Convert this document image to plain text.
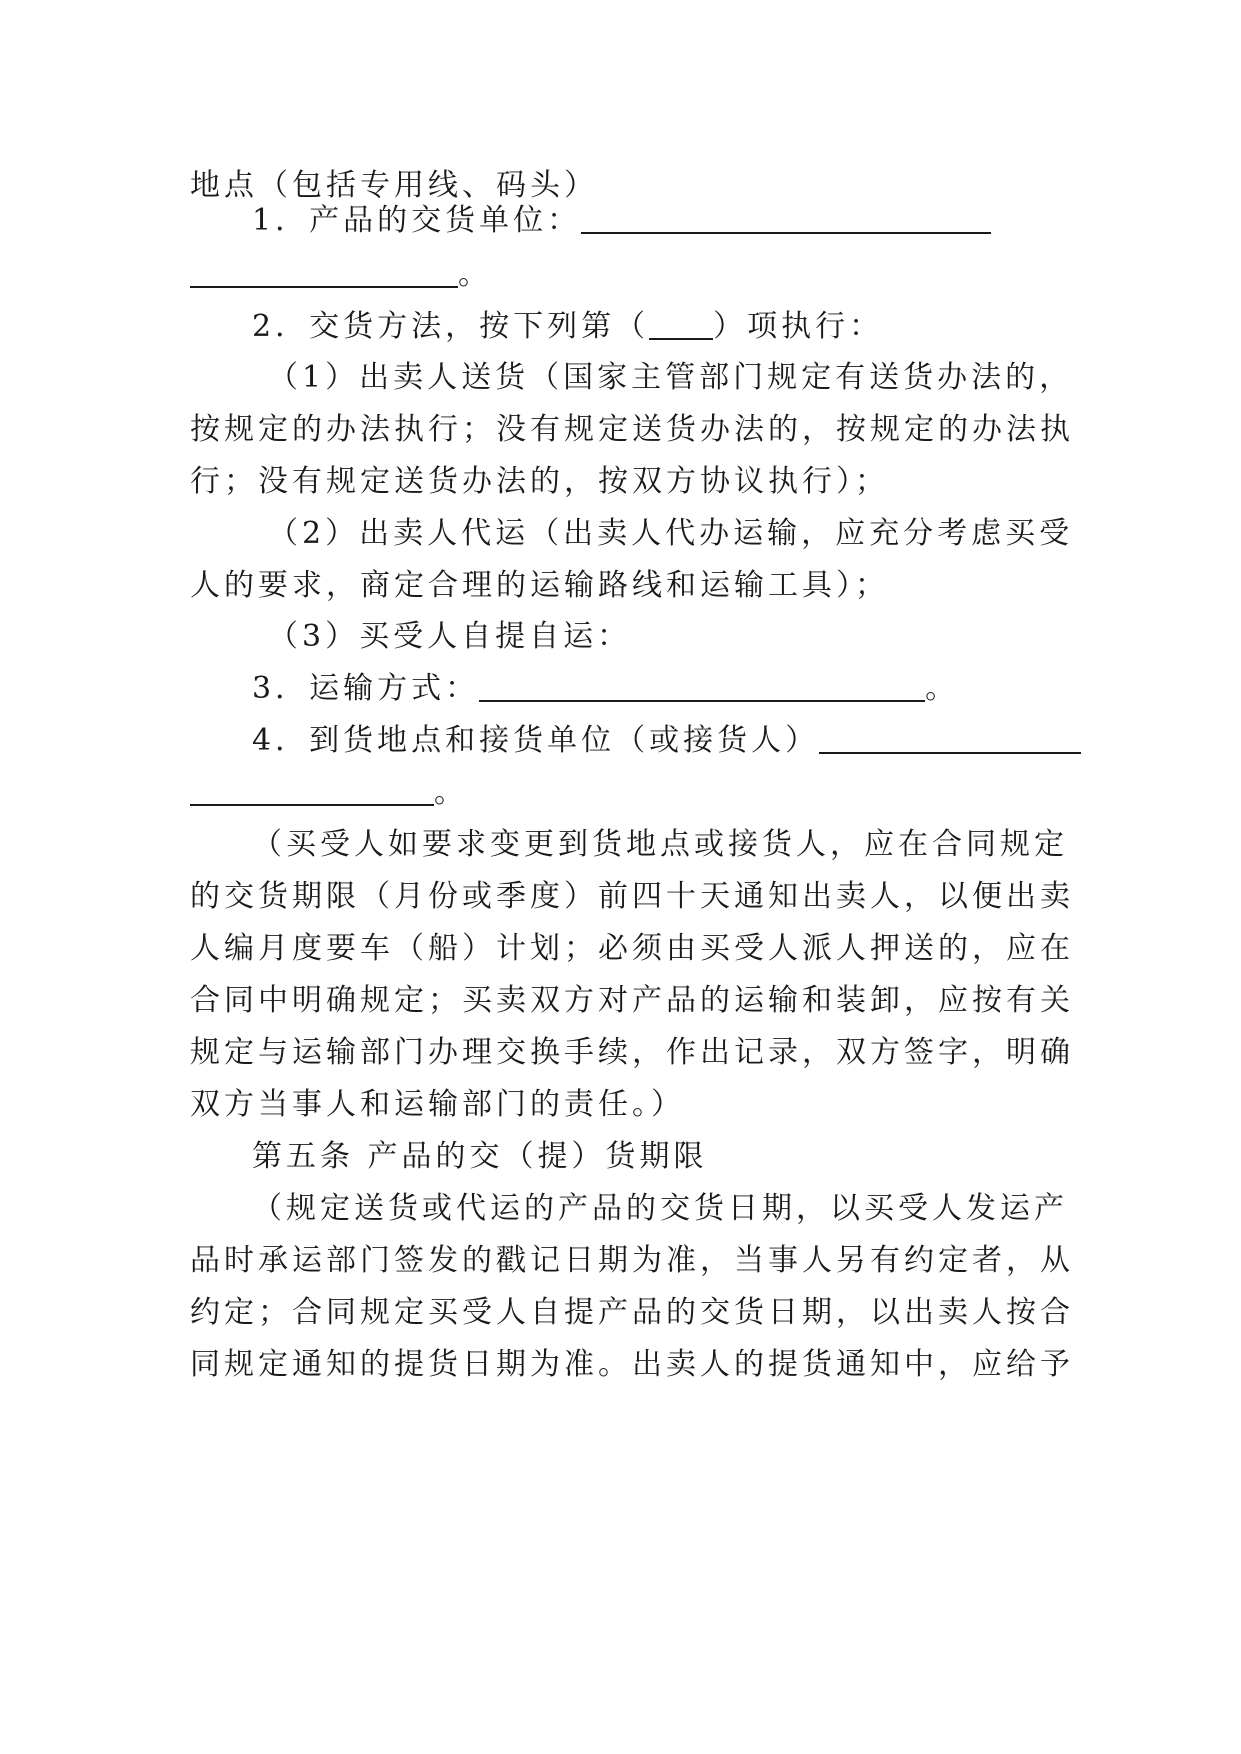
地点（包括专用线、码头）
1．产品的交货单位：
。
2．交货方法，按下列第（ ）项执行：
（1）出卖人送货（国家主管部门规定有送货办法的，
按规定的办法执行；没有规定送货办法的，按规定的办法执
行；没有规定送货办法的，按双方协议执行）；
（2）出卖人代运（出卖人代办运输，应充分考虑买受
人的要求，商定合理的运输路线和运输工具）；
（3）买受人自提自运：
3．运输方式：	。
4．到货地点和接货单位（或接货人）
。
（买受人如要求变更到货地点或接货人，应在合同规定
的交货期限（月份或季度）前四十天通知出卖人，以便出卖
人编月度要车（船）计划；必须由买受人派人押送的，应在
合同中明确规定；买卖双方对产品的运输和装卸，应按有关
规定与运输部门办理交换手续，作出记录，双方签字，明确
双方当事人和运输部门的责任。）
第五条 产品的交（提）货期限
（规定送货或代运的产品的交货日期，以买受人发运产
品时承运部门签发的戳记日期为准，当事人另有约定者，从
约定；合同规定买受人自提产品的交货日期，以出卖人按合
同规定通知的提货日期为准。出卖人的提货通知中，应给予
